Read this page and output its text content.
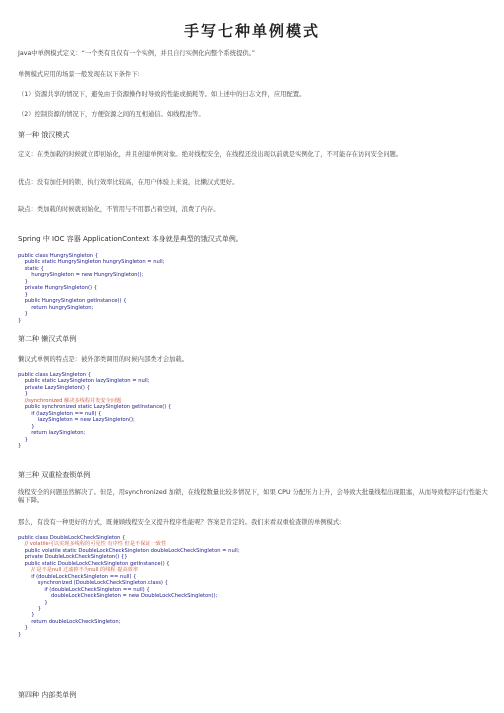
手写七种单例模式
Java中单例模式定义：“一个类有且仅有一个实例，并且自行实例化向整个系统提供。”
单例模式应用的场景一般发现在以下条件下:
（1）资源共享的情况下，避免由于资源操作时导致的性能或损耗等。如上述中的日志文件，应用配置。
（2）控制资源的情况下，方便资源之间的互相通信。如线程池等。
第一种 饿汉模式
定义：在类加载的时候就立即初始化，并且创建单例对象。绝对线程安全，在线程还没出现以前就是实例化了，不可能存在访问安全问题。
优点：没有加任何的锁、执行效率比较高，在用户体验上来说，比懒汉式更好。
缺点：类加载的时候就初始化，不管用与不用都占着空间，浪费了内存。
Spring 中 IOC 容器 ApplicationContext 本身就是典型的饿汉式单例。
public class HungrySingleton {
public static HungrySingleton hungrySingleton = null;
static {
hungrySingleton = new HungrySingleton();
}
private HungrySingleton() {
}
public HungrySingleton getInstance() {
return hungrySingleton;
}
}
第二种 懒汉式单例
懒汉式单例的特点是：被外部类调用的时候内部类才会加载。
public class LazySingleton {
public static LazySingleton lazySingleton = null;
private LazySingleton() {
}
//synchronized 解决多线程并发安全问题
public synchronized static LazySingleton getInstance() {
if (lazySingleton == null) {
lazySingleton = new LazySingleton();
}
return lazySingleton;
}
}
第三种 双重检查锁单例
线程安全的问题虽然解决了。但是，用synchronized 加锁，在线程数量比较多情况下，如果 CPU 分配压力上升，会导致大批量线程出现阻塞，从而导致程序运行性能大幅下降。
那么，有没有一种更好的方式，既兼顾线程安全又提升程序性能呢？答案是肯定的。我们来看双重检查锁的单例模式:
public class DoubleLockCheckSingleton {
// volatile可以实现多线程的可见性 有序性 但是不保证一致性
public volatile static DoubleLockCheckSingleton doubleLockCheckSingleton = null;
private DoubleLockCheckSingleton() {}
public static DoubleLockCheckSingleton getInstance() {
// 是不是null 过滤掉不为null 的线程 提高效率
if (doubleLockCheckSingleton == null) {
synchronized (DoubleLockCheckSingleton.class) {
if (doubleLockCheckSingleton == null) {
doubleLockCheckSingleton = new DoubleLockCheckSingleton();
}
}
}
return doubleLockCheckSingleton;
}
}
第四种 内部类单例
